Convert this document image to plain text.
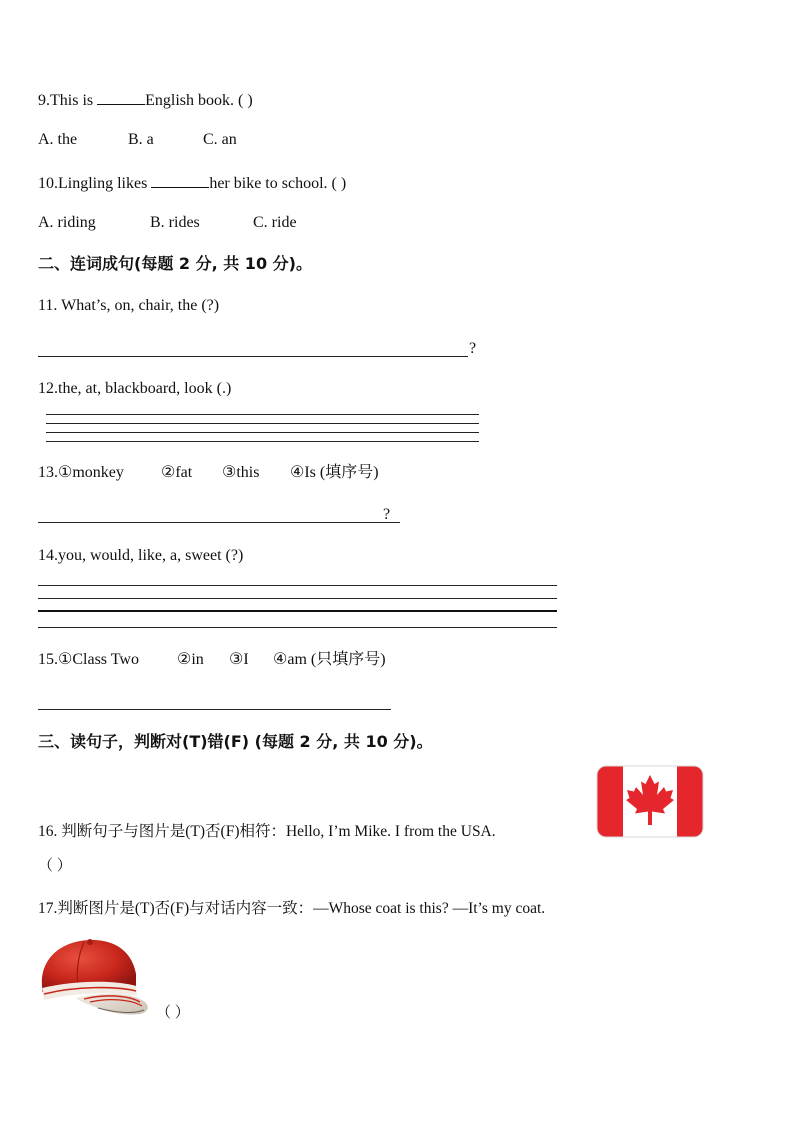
9.This is	English book. ( )
A. the	B. a	C. an
10.Lingling likes	her bike to school. ( )
A. riding	B. rides	C. ride
二、连词成句(每题 2 分, 共 10 分)。
11. What’s, on, chair, the (?)
?
12.the, at, blackboard, look (.)
13.①monkey ②fat ③this ④Is (填序号)
?
14.you, would, like, a, sweet (?)
15.①Class Two ②in ③I ④am (只填序号)
三、读句子，判断对(T)错(F) (每题 2 分, 共 10 分)。
16. 判断句子与图片是(T)否(F)相符：Hello, I’m Mike. I from the USA.
（ ）
17.判断图片是(T)否(F)与对话内容一致：—Whose coat is this? —It’s my coat.
（ ）
